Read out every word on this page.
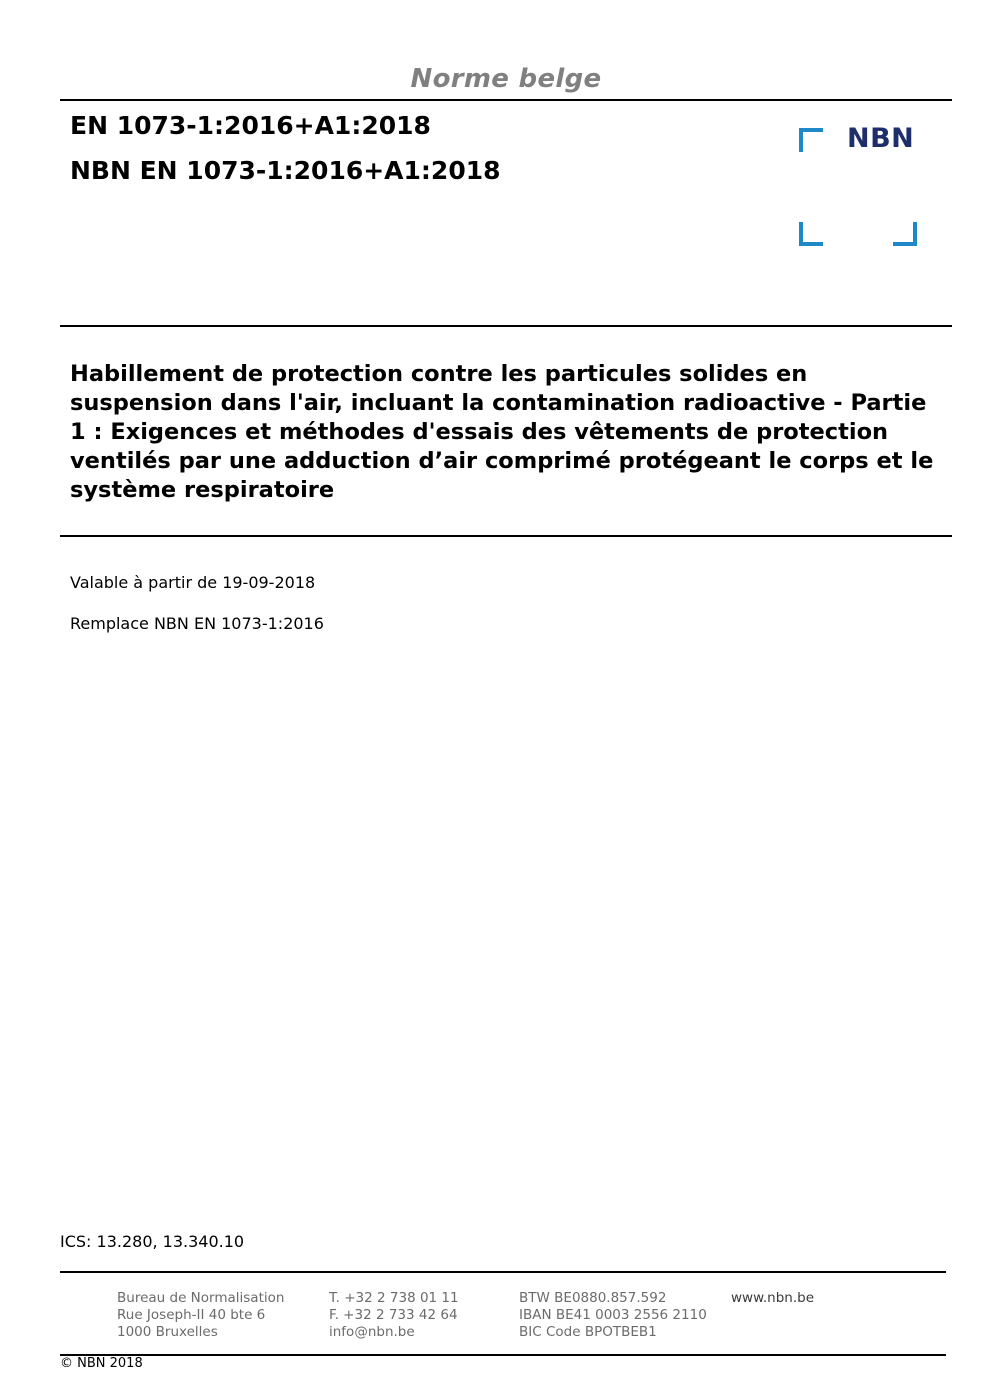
Norme belge
EN 1073-1:2016+A1:2018
NBN EN 1073-1:2016+A1:2018
NBN
Habillement de protection contre les particules solides en suspension dans l'air, incluant la contamination radioactive - Partie 1 : Exigences et méthodes d'essais des vêtements de protection ventilés par une adduction d’air comprimé protégeant le corps et le système respiratoire
Valable à partir de 19-09-2018
Remplace NBN EN 1073-1:2016
ICS: 13.280, 13.340.10
Bureau de Normalisation
Rue Joseph-II 40 bte 6
1000 Bruxelles
T. +32 2 738 01 11
F. +32 2 733 42 64
info@nbn.be
BTW BE0880.857.592
IBAN BE41 0003 2556 2110
BIC Code BPOTBEB1
www.nbn.be
© NBN 2018
